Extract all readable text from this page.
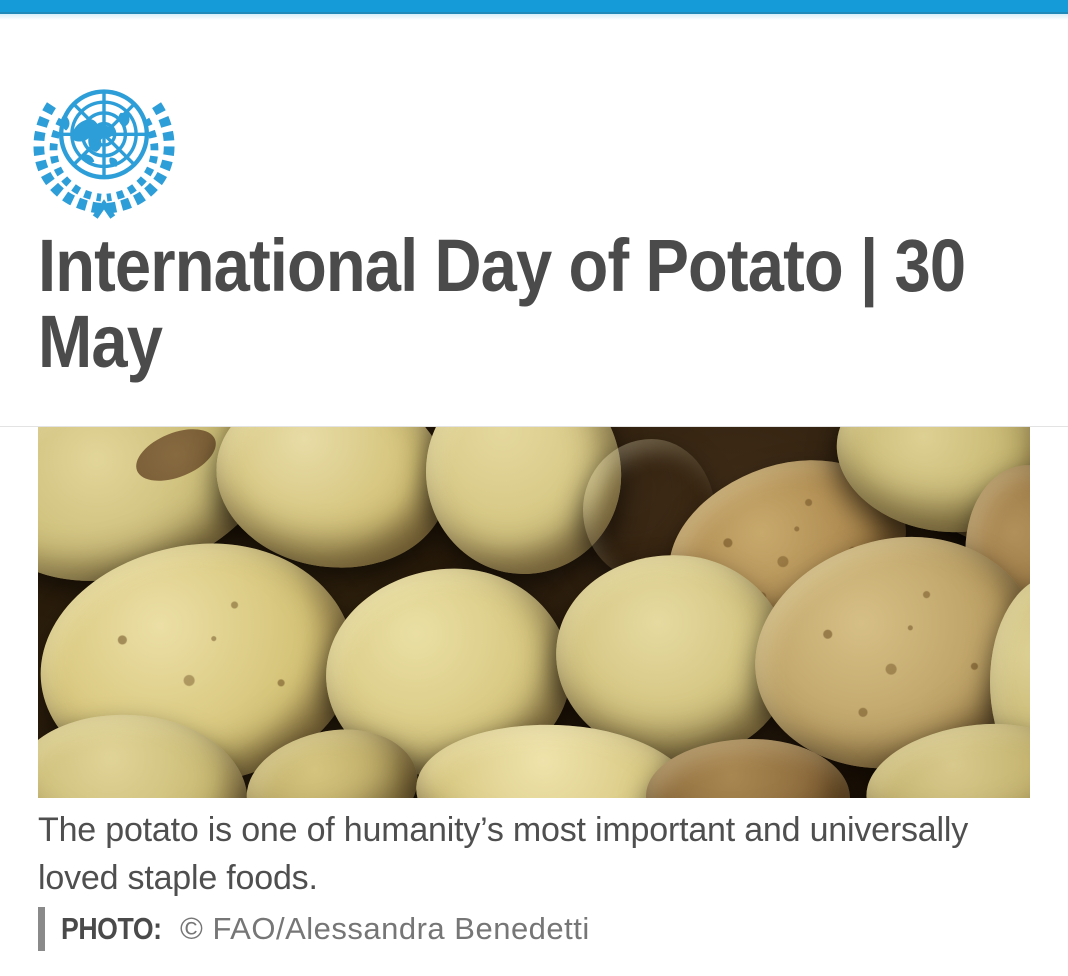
International Day of Potato | 30 May

The potato is one of humanity’s most important and universally loved staple foods.

PHOTO: © FAO/Alessandra Benedetti
